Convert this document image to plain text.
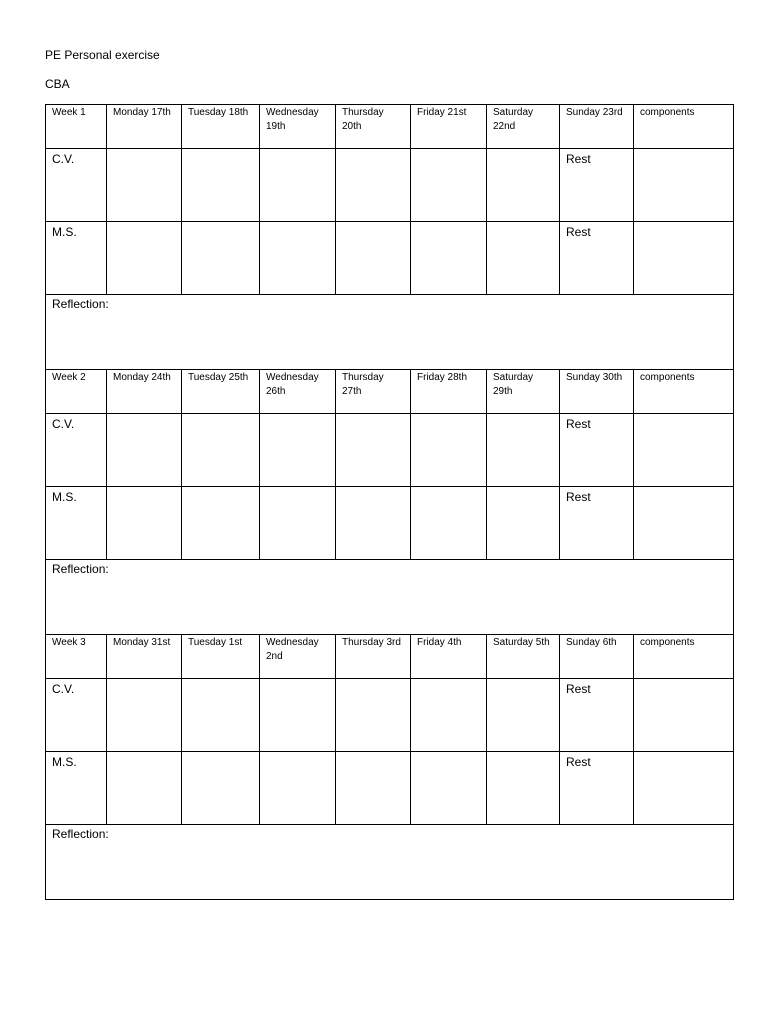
PE Personal exercise
CBA
Week 1	Monday 17th	Tuesday 18th	Wednesday 19th	Thursday 20th	Friday 21st	Saturday 22nd	Sunday 23rd	components

C.V.							Rest	

M.S.							Rest	

Reflection:								

Week 2	Monday 24th	Tuesday 25th	Wednesday 26th	Thursday 27th	Friday 28th	Saturday 29th	Sunday 30th	components

C.V.							Rest	

M.S.							Rest	

Reflection:								

Week 3	Monday 31st	Tuesday 1st	Wednesday 2nd	Thursday 3rd	Friday 4th	Saturday 5th	Sunday 6th	components

C.V.							Rest	

M.S.							Rest	

Reflection:								
